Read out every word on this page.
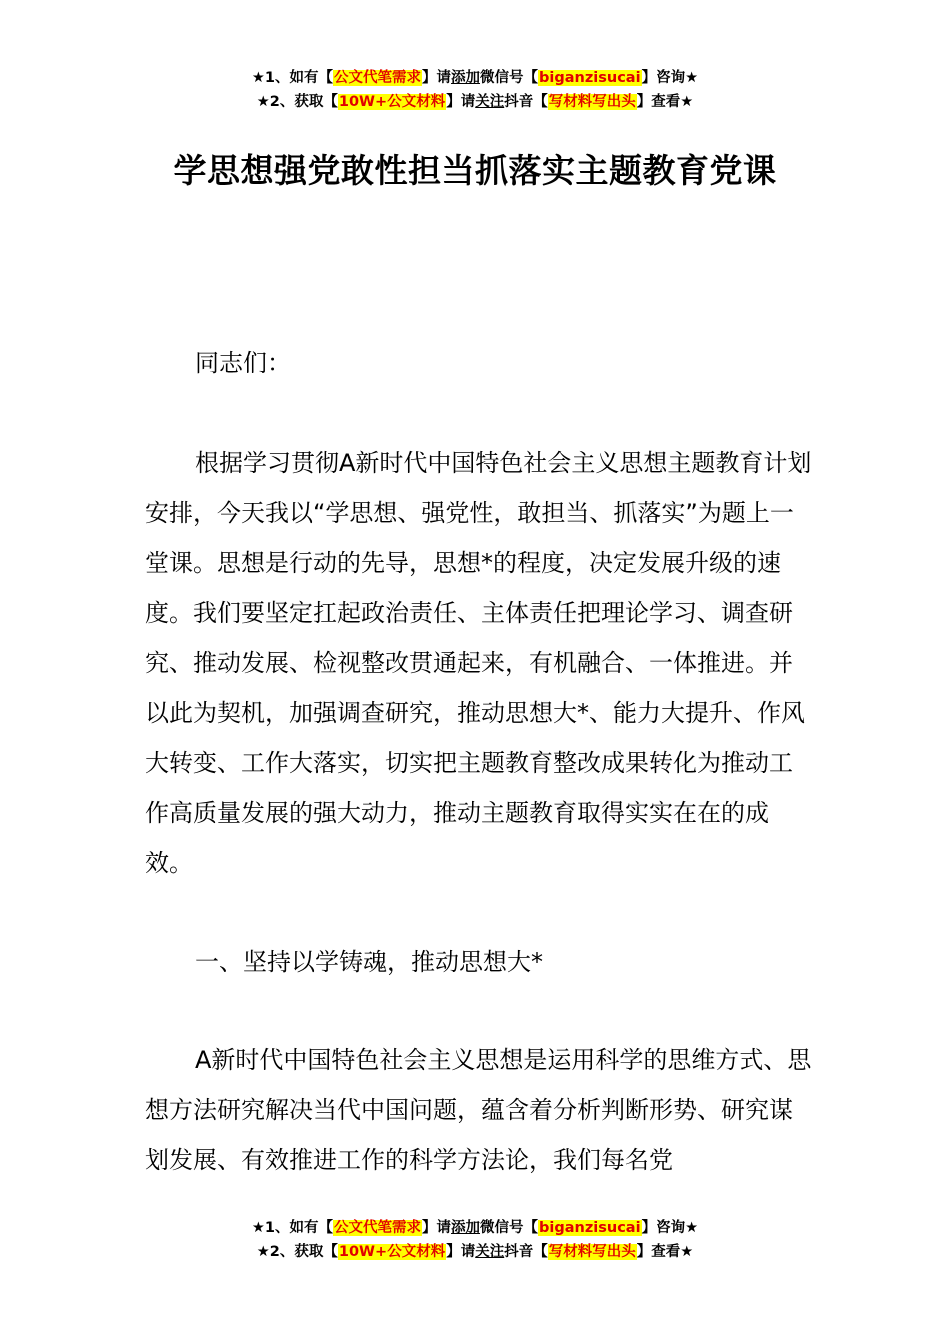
★1、如有【公文代笔需求】请添加微信号【biganzisucai】咨询★
★2、获取【10W+公文材料】请关注抖音【写材料写出头】查看★
学思想强党敢性担当抓落实主题教育党课

同志们：

根据学习贯彻A新时代中国特色社会主义思想主题教育计划安排，今天我以“学思想、强党性，敢担当、抓落实”为题上一堂课。思想是行动的先导，思想*的程度，决定发展升级的速度。我们要坚定扛起政治责任、主体责任把理论学习、调查研究、推动发展、检视整改贯通起来，有机融合、一体推进。并以此为契机，加强调查研究，推动思想大*、能力大提升、作风大转变、工作大落实，切实把主题教育整改成果转化为推动工作高质量发展的强大动力，推动主题教育取得实实在在的成效。

一、坚持以学铸魂，推动思想大*

A新时代中国特色社会主义思想是运用科学的思维方式、思想方法研究解决当代中国问题，蕴含着分析判断形势、研究谋划发展、有效推进工作的科学方法论，我们每名党

★1、如有【公文代笔需求】请添加微信号【biganzisucai】咨询★
★2、获取【10W+公文材料】请关注抖音【写材料写出头】查看★
